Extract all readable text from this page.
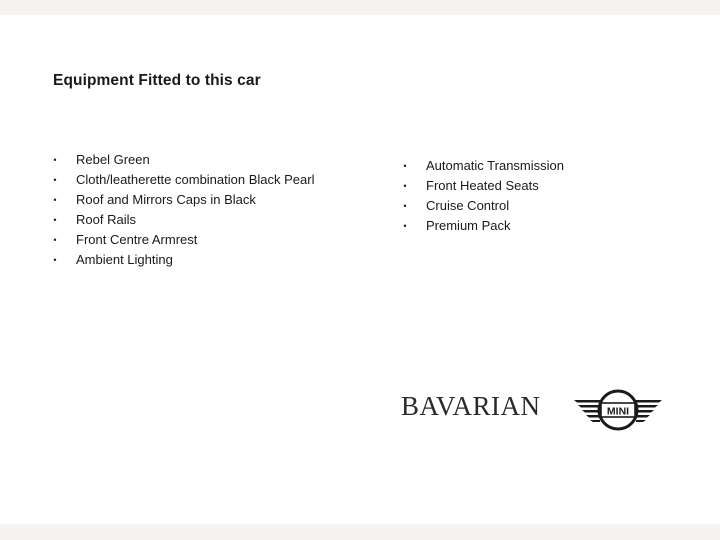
Equipment Fitted to this car
• Rebel Green
• Cloth/leatherette combination Black Pearl
• Roof and Mirrors Caps in Black
• Roof Rails
• Front Centre Armrest
• Ambient Lighting
• Automatic Transmission
• Front Heated Seats
• Cruise Control
• Premium Pack
BAVARIAN	MINI
